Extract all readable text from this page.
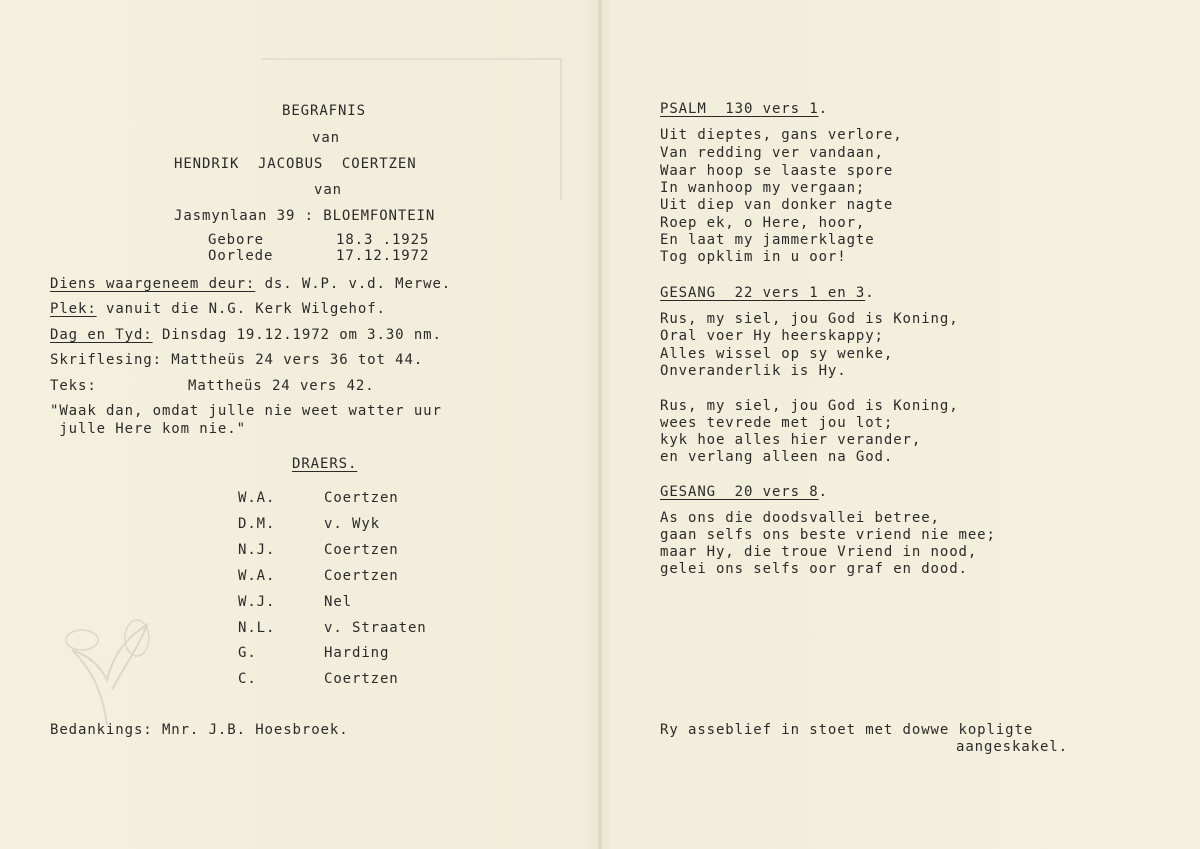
BEGRAFNIS
van
HENDRIK  JACOBUS  COERTZEN
van
Jasmynlaan 39 : BLOEMFONTEIN
Gebore	18.3 .1925
Oorlede	17.12.1972
Diens waargeneem deur: ds. W.P. v.d. Merwe.
Plek: vanuit die N.G. Kerk Wilgehof.
Dag en Tyd: Dinsdag 19.12.1972 om 3.30 nm.
Skriflesing: Mattheüs 24 vers 36 tot 44.
Teks:	Mattheüs 24 vers 42.
"Waak dan, omdat julle nie weet watter uur
julle Here kom nie."
DRAERS.
W.A.	Coertzen
D.M.	v. Wyk
N.J.	Coertzen
W.A.	Coertzen
W.J.	Nel
N.L.	v. Straaten
G.	Harding
C.	Coertzen
Bedankings: Mnr. J.B. Hoesbroek.
PSALM  130 vers 1.
Uit dieptes, gans verlore,
Van redding ver vandaan,
Waar hoop se laaste spore
In wanhoop my vergaan;
Uit diep van donker nagte
Roep ek, o Here, hoor,
En laat my jammerklagte
Tog opklim in u oor!
GESANG  22 vers 1 en 3.
Rus, my siel, jou God is Koning,
Oral voer Hy heerskappy;
Alles wissel op sy wenke,
Onveranderlik is Hy.
Rus, my siel, jou God is Koning,
wees tevrede met jou lot;
kyk hoe alles hier verander,
en verlang alleen na God.
GESANG  20 vers 8.
As ons die doodsvallei betree,
gaan selfs ons beste vriend nie mee;
maar Hy, die troue Vriend in nood,
gelei ons selfs oor graf en dood.
Ry asseblief in stoet met dowwe kopligte
aangeskakel.
